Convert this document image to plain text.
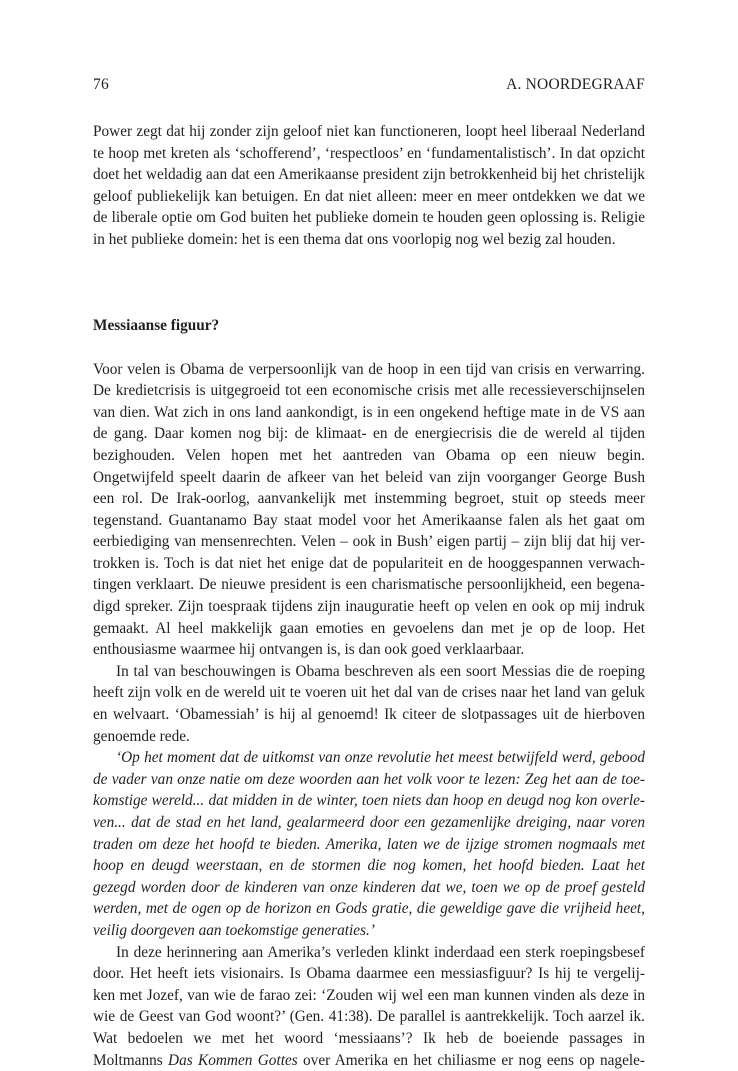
76	A. NOORDEGRAAF
Power zegt dat hij zonder zijn geloof niet kan functioneren, loopt heel liberaal Nederland
te hoop met kreten als ‘schofferend’, ‘respectloos’ en ‘fundamentalistisch’. In dat opzicht
doet het weldadig aan dat een Amerikaanse president zijn betrokkenheid bij het christelijk
geloof publiekelijk kan betuigen. En dat niet alleen: meer en meer ontdekken we dat we
de liberale optie om God buiten het publieke domein te houden geen oplossing is. Religie
in het publieke domein: het is een thema dat ons voorlopig nog wel bezig zal houden.
Messiaanse figuur?
Voor velen is Obama de verpersoonlijk van de hoop in een tijd van crisis en verwarring.
De kredietcrisis is uitgegroeid tot een economische crisis met alle recessieverschijnselen
van dien. Wat zich in ons land aankondigt, is in een ongekend heftige mate in de VS aan
de gang. Daar komen nog bij: de klimaat- en de energiecrisis die de wereld al tijden
bezighouden. Velen hopen met het aantreden van Obama op een nieuw begin.
Ongetwijfeld speelt daarin de afkeer van het beleid van zijn voorganger George Bush
een rol. De Irak-oorlog, aanvankelijk met instemming begroet, stuit op steeds meer
tegenstand. Guantanamo Bay staat model voor het Amerikaanse falen als het gaat om
eerbiediging van mensenrechten. Velen – ook in Bush’ eigen partij – zijn blij dat hij ver-
trokken is. Toch is dat niet het enige dat de populariteit en de hooggespannen verwach-
tingen verklaart. De nieuwe president is een charismatische persoonlijkheid, een begena-
digd spreker. Zijn toespraak tijdens zijn inauguratie heeft op velen en ook op mij indruk
gemaakt. Al heel makkelijk gaan emoties en gevoelens dan met je op de loop. Het
enthousiasme waarmee hij ontvangen is, is dan ook goed verklaarbaar.
In tal van beschouwingen is Obama beschreven als een soort Messias die de roeping
heeft zijn volk en de wereld uit te voeren uit het dal van de crises naar het land van geluk
en welvaart. ‘Obamessiah’ is hij al genoemd! Ik citeer de slotpassages uit de hierboven
genoemde rede.
‘Op het moment dat de uitkomst van onze revolutie het meest betwijfeld werd, gebood
de vader van onze natie om deze woorden aan het volk voor te lezen: Zeg het aan de toe-
komstige wereld... dat midden in de winter, toen niets dan hoop en deugd nog kon overle-
ven... dat de stad en het land, gealarmeerd door een gezamenlijke dreiging, naar voren
traden om deze het hoofd te bieden. Amerika, laten we de ijzige stromen nogmaals met
hoop en deugd weerstaan, en de stormen die nog komen, het hoofd bieden. Laat het
gezegd worden door de kinderen van onze kinderen dat we, toen we op de proef gesteld
werden, met de ogen op de horizon en Gods gratie, die geweldige gave die vrijheid heet,
veilig doorgeven aan toekomstige generaties.’
In deze herinnering aan Amerika’s verleden klinkt inderdaad een sterk roepingsbesef
door. Het heeft iets visionairs. Is Obama daarmee een messiasfiguur? Is hij te vergelij-
ken met Jozef, van wie de farao zei: ‘Zouden wij wel een man kunnen vinden als deze in
wie de Geest van God woont?’ (Gen. 41:38). De parallel is aantrekkelijk. Toch aarzel ik.
Wat bedoelen we met het woord ‘messiaans’? Ik heb de boeiende passages in
Moltmanns Das Kommen Gottes over Amerika en het chiliasme er nog eens op nagele-
